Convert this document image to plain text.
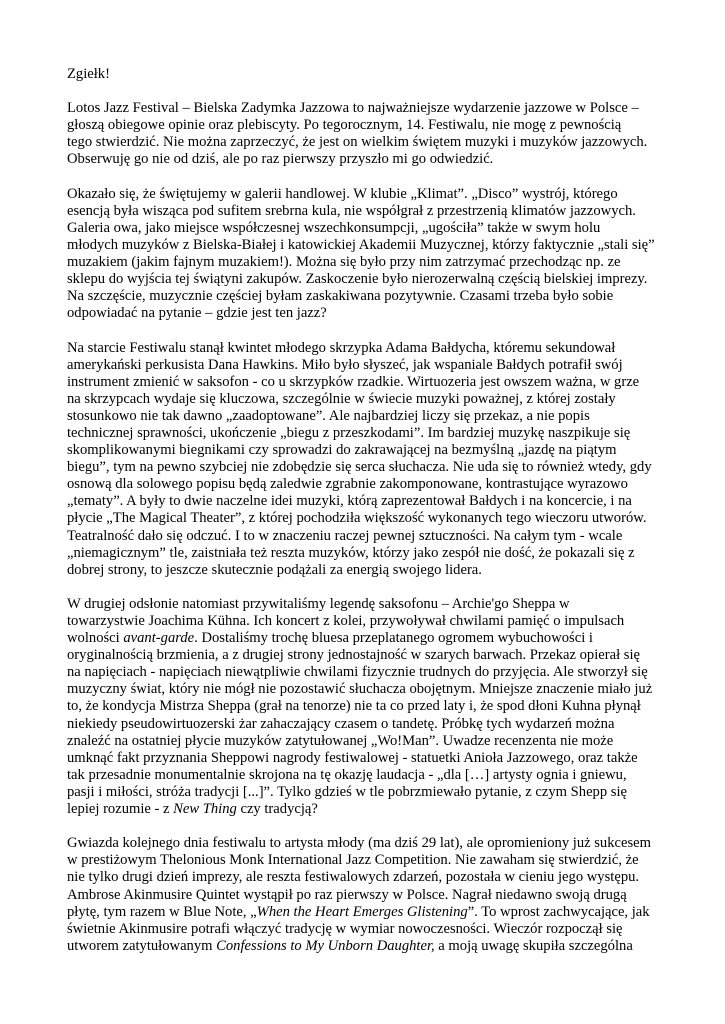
Zgiełk!

Lotos Jazz Festival – Bielska Zadymka Jazzowa to najważniejsze wydarzenie jazzowe w Polsce –
głoszą obiegowe opinie oraz plebiscyty. Po tegorocznym, 14. Festiwalu, nie mogę z pewnością
tego stwierdzić. Nie można zaprzeczyć, że jest on wielkim świętem muzyki i muzyków jazzowych.
Obserwuję go nie od dziś, ale po raz pierwszy przyszło mi go odwiedzić.

Okazało się, że świętujemy w galerii handlowej. W klubie „Klimat”. „Disco” wystrój, którego
esencją była wisząca pod sufitem srebrna kula, nie współgrał z przestrzenią klimatów jazzowych.
Galeria owa, jako miejsce współczesnej wszechkonsumpcji, „ugościła” także w swym holu
młodych muzyków z Bielska-Białej i katowickiej Akademii Muzycznej, którzy faktycznie „stali się”
muzakiem (jakim fajnym muzakiem!). Można się było przy nim zatrzymać przechodząc np. ze
sklepu do wyjścia tej świątyni zakupów. Zaskoczenie było nierozerwalną częścią bielskiej imprezy.
Na szczęście, muzycznie częściej byłam zaskakiwana pozytywnie. Czasami trzeba było sobie
odpowiadać na pytanie – gdzie jest ten jazz?

Na starcie Festiwalu stanął kwintet młodego skrzypka Adama Bałdycha, któremu sekundował
amerykański perkusista Dana Hawkins. Miło było słyszeć, jak wspaniale Bałdych potrafił swój
instrument zmienić w saksofon - co u skrzypków rzadkie. Wirtuozeria jest owszem ważna, w grze
na skrzypcach wydaje się kluczowa, szczególnie w świecie muzyki poważnej, z której zostały
stosunkowo nie tak dawno „zaadoptowane”. Ale najbardziej liczy się przekaz, a nie popis
technicznej sprawności, ukończenie „biegu z przeszkodami”. Im bardziej muzykę naszpikuje się
skomplikowanymi biegnikami czy sprowadzi do zakrawającej na bezmyślną „jazdę na piątym
biegu”, tym na pewno szybciej nie zdobędzie się serca słuchacza. Nie uda się to również wtedy, gdy
osnową dla solowego popisu będą zaledwie zgrabnie zakomponowane, kontrastujące wyrazowo
„tematy”. A były to dwie naczelne idei muzyki, którą zaprezentował Bałdych i na koncercie, i na
płycie „The Magical Theater”, z której pochodziła większość wykonanych tego wieczoru utworów.
Teatralność dało się odczuć. I to w znaczeniu raczej pewnej sztuczności. Na całym tym - wcale
„niemagicznym” tle, zaistniała też reszta muzyków, którzy jako zespół nie dość, że pokazali się z
dobrej strony, to jeszcze skutecznie podążali za energią swojego lidera.

W drugiej odsłonie natomiast przywitaliśmy legendę saksofonu – Archie'go Sheppa w
towarzystwie Joachima Kühna. Ich koncert z kolei, przywoływał chwilami pamięć o impulsach
wolności avant-garde. Dostaliśmy trochę bluesa przeplatanego ogromem wybuchowości i
oryginalnością brzmienia, a z drugiej strony jednostajność w szarych barwach. Przekaz opierał się
na napięciach - napięciach niewątpliwie chwilami fizycznie trudnych do przyjęcia. Ale stworzył się
muzyczny świat, który nie mógł nie pozostawić słuchacza obojętnym. Mniejsze znaczenie miało już
to, że kondycja Mistrza Sheppa (grał na tenorze) nie ta co przed laty i, że spod dłoni Kuhna płynął
niekiedy pseudowirtuozerski żar zahaczający czasem o tandetę. Próbkę tych wydarzeń można
znaleźć na ostatniej płycie muzyków zatytułowanej „Wo!Man”. Uwadze recenzenta nie może
umknąć fakt przyznania Sheppowi nagrody festiwalowej - statuetki Anioła Jazzowego, oraz także
tak przesadnie monumentalnie skrojona na tę okazję laudacja - „dla […] artysty ognia i gniewu,
pasji i miłości, stróża tradycji [...]”. Tylko gdzieś w tle pobrzmiewało pytanie, z czym Shepp się
lepiej rozumie - z New Thing czy tradycją?

Gwiazda kolejnego dnia festiwalu to artysta młody (ma dziś 29 lat), ale opromieniony już sukcesem
w prestiżowym Thelonious Monk International Jazz Competition. Nie zawaham się stwierdzić, że
nie tylko drugi dzień imprezy, ale reszta festiwalowych zdarzeń, pozostała w cieniu jego występu.
Ambrose Akinmusire Quintet wystąpił po raz pierwszy w Polsce. Nagrał niedawno swoją drugą
płytę, tym razem w Blue Note, „When the Heart Emerges Glistening”. To wprost zachwycające, jak
świetnie Akinmusire potrafi włączyć tradycję w wymiar nowoczesności. Wieczór rozpoczął się
utworem zatytułowanym Confessions to My Unborn Daughter, a moją uwagę skupiła szczególna
